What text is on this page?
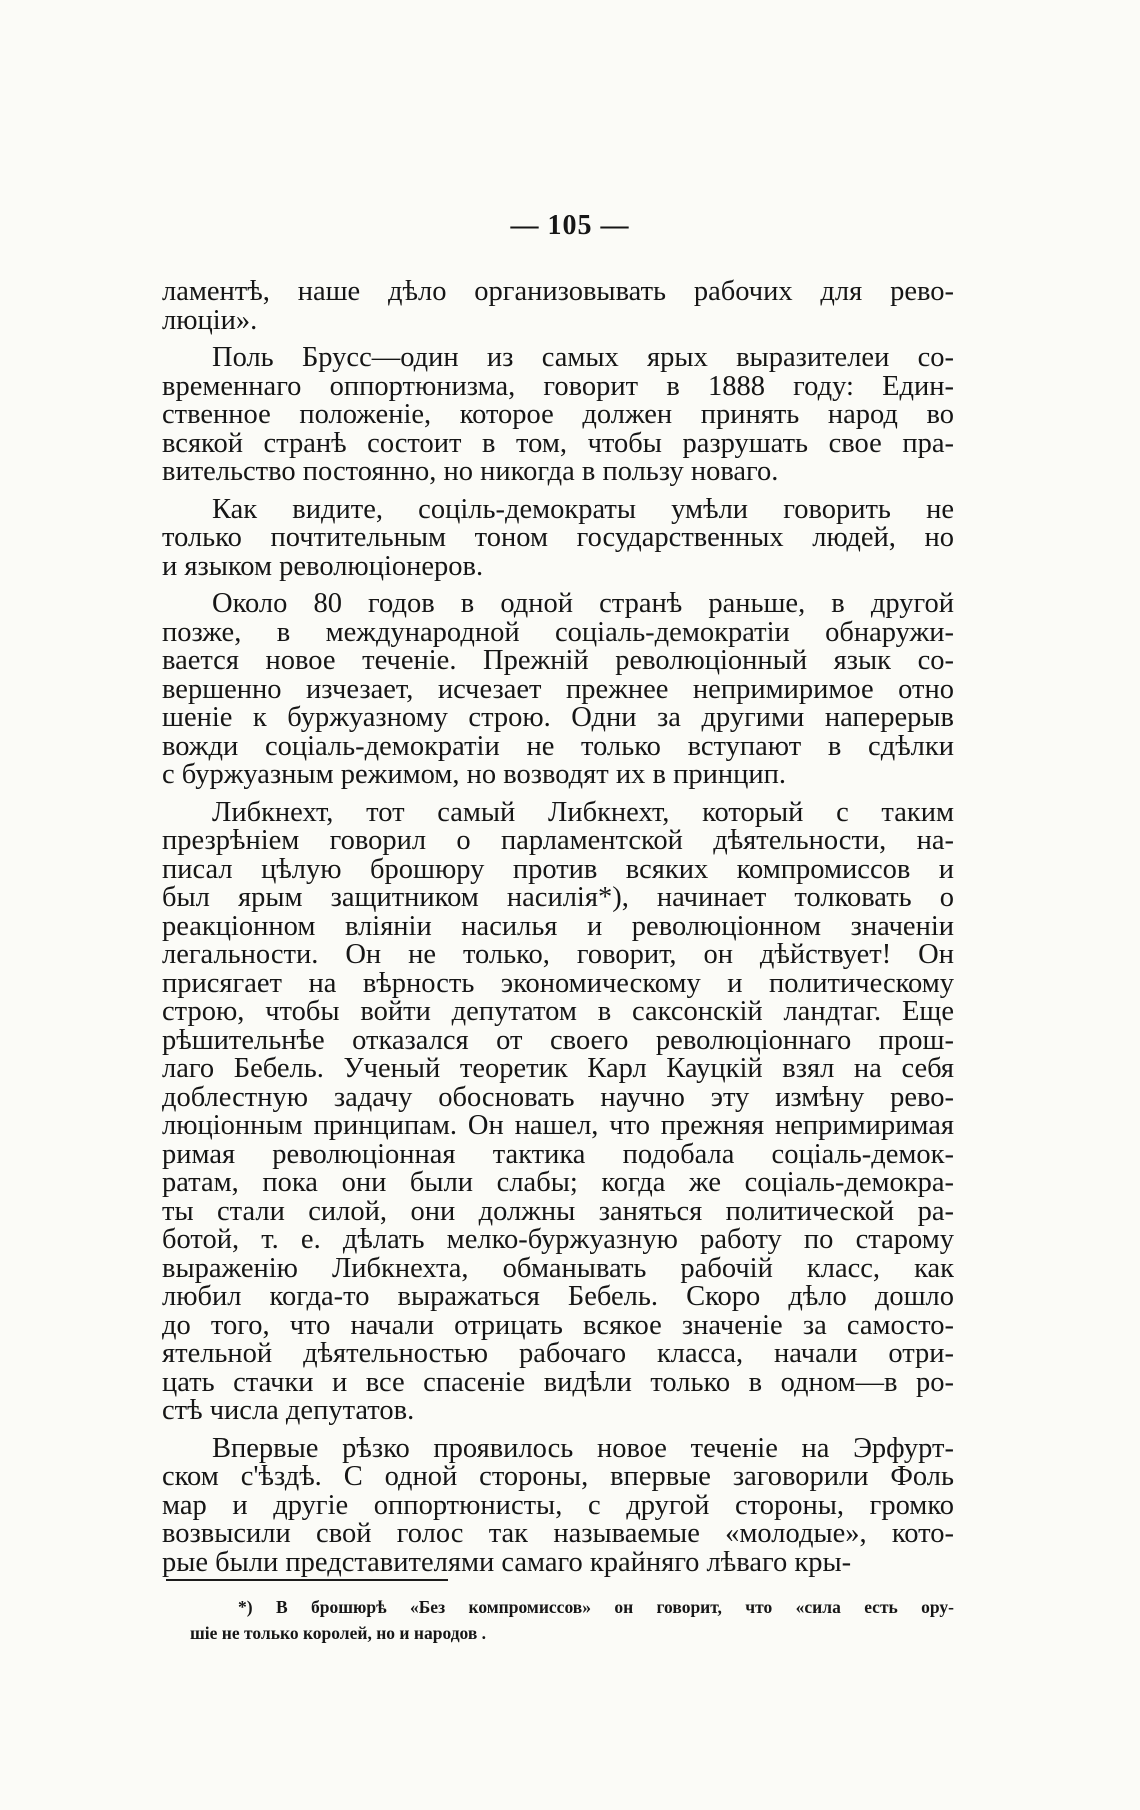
— 105 —
ламентѣ, наше дѣло организовывать рабочих для рево-
люціи».
Поль Брусс—один из самых ярых выразителеи со-
временнаго оппортюнизма, говорит в 1888 году: Един-
ственное положеніе, которое должен принять народ во
всякой странѣ состоит в том, чтобы разрушать свое пра-
вительство постоянно, но никогда в пользу новаго.
Как видите, соціль-демократы умѣли говорить не
только почтительным тоном государственных людей, но
и языком революціонеров.
Около 80 годов в одной странѣ раньше, в другой
позже, в международной соціаль-демократіи обнаружи-
вается новое теченіе. Прежній революціонный язык со-
вершенно изчезает, исчезает прежнее непримиримое отно
шеніе к буржуазному строю. Одни за другими наперерыв
вожди соціаль-демократіи не только вступают в сдѣлки
с буржуазным режимом, но возводят их в принцип.
Либкнехт, тот самый Либкнехт, который с таким
презрѣніем говорил о парламентской дѣятельности, на-
писал цѣлую брошюру против всяких компромиссов и
был ярым защитником насилія*), начинает толковать о
реакціонном вліяніи насилья и революціонном значеніи
легальности. Он не только, говорит, он дѣйствует! Он
присягает на вѣрность экономическому и политическому
строю, чтобы войти депутатом в саксонскій ландтаг. Еще
рѣшительнѣе отказался от своего революціоннаго прош-
лаго Бебель. Ученый теоретик Карл Кауцкій взял на себя
доблестную задачу обосновать научно эту измѣну рево-
люціонным принципам. Он нашел, что прежняя непримиримая
римая революціонная тактика подобала соціаль-демок-
ратам, пока они были слабы; когда же соціаль-демокра-
ты стали силой, они должны заняться политической ра-
ботой, т. е. дѣлать мелко-буржуазную работу по старому
выраженію Либкнехта, обманывать рабочій класс, как
любил когда-то выражаться Бебель. Скоро дѣло дошло
до того, что начали отрицать всякое значеніе за самосто-
ятельной дѣятельностью рабочаго класса, начали отри-
цать стачки и все спасеніе видѣли только в одном—в ро-
стѣ числа депутатов.
Впервые рѣзко проявилось новое теченіе на Эрфурт-
ском с'ѣздѣ. С одной стороны, впервые заговорили Фоль
мар и другіе оппортюнисты, с другой стороны, громко
возвысили свой голос так называемые «молодые», кото-
рые были представителями самаго крайняго лѣваго кры-
*) В брошюрѣ «Без компромиссов» он говорит, что «сила есть ору-
шіе не только королей, но и народов .
